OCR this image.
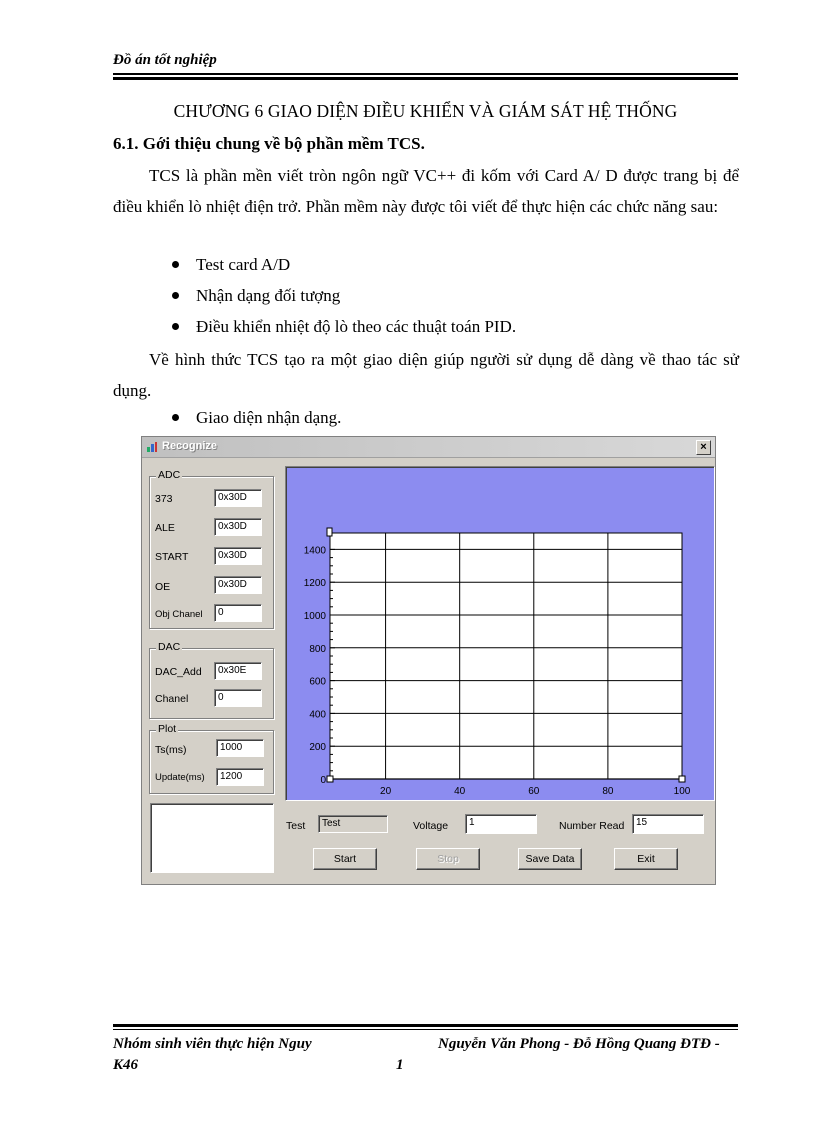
Đồ án tốt nghiệp
CHƯƠNG 6 GIAO DIỆN ĐIỀU KHIỂN VÀ GIÁM SÁT HỆ THỐNG
6.1. Gới thiệu chung về bộ phần mềm TCS.
TCS là phần mền viết tròn ngôn ngữ VC++ đi kốm với Card A/ D được trang bị để điều khiển lò nhiệt điện trở. Phần mềm này được tôi viết để thực hiện các chức năng sau:
Test card A/D
Nhận dạng đối tượng
Điều khiển nhiệt độ lò theo các thuật toán PID.
Về hình thức TCS tạo ra một giao diện giúp người sử dụng dễ dàng về thao tác sử dụng.
Giao diện nhận dạng.
Recognize	×
ADC
373	0x30D
ALE	0x30D
START	0x30D
OE	0x30D
Obj Chanel	0
DAC
DAC_Add	0x30E
Chanel	0
Plot
Ts(ms)	1000
Update(ms)	1200	0
200
400
600
800
1000
1200
1400
20	40	60	80	100
Test	Test	Voltage	1	Number Read	15
Start	Stop	Save Data	Exit
Nhóm sinh viên thực hiện Nguy
K46
Nguyễn Văn Phong - Đỗ Hồng Quang ĐTĐ -
1
